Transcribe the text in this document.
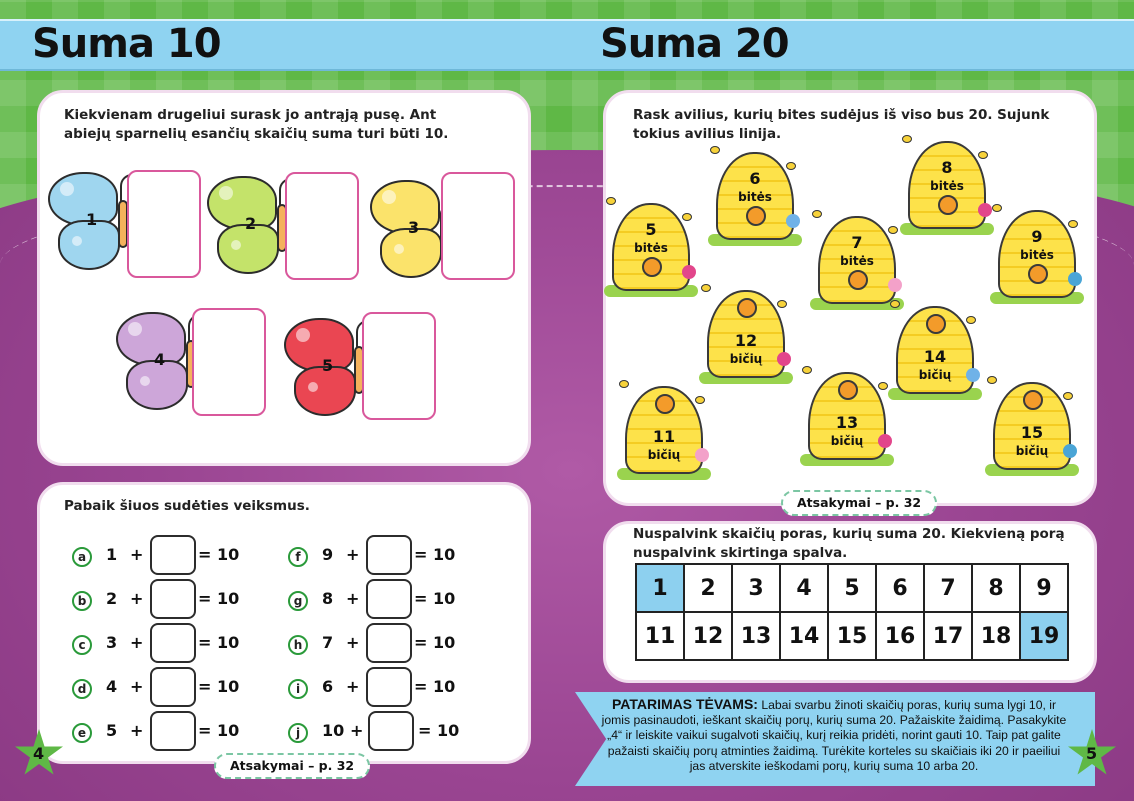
Suma 10	Suma 20
Kiekvienam drugeliui surask jo antrąją pusę. Ant abiejų sparnelių esančių skaičių suma turi būti 10.
1	2	3
4	5
Pabaik šiuos sudėties veiksmus.
a	1 +	= 10
b	2 +	= 10
c	3 +	= 10
d	4 +	= 10
e	5 +	= 10
f	9 +	= 10
g	8 +	= 10
h	7 +	= 10
i	6 +	= 10
j	10 +	= 10
Atsakymai – p. 32
Rask avilius, kurių bites sudėjus iš viso bus 20. Sujunk tokius avilius linija.
5
bitės
6
bitės
7
bitės
8
bitės
9
bitės
12
bičių	14
bičių
11
bičių
13
bičių	15
bičių
Atsakymai – p. 32
Nuspalvink skaičių poras, kurių suma 20. Kiekvieną porą nuspalvink skirtinga spalva.
1	2	3	4	5	6	7	8	9
11	12	13	14	15	16	17	18	19
PATARIMAS TĖVAMS: Labai svarbu žinoti skaičių poras, kurių suma lygi 10, ir jomis pasinaudoti, ieškant skaičių porų, kurių suma 20. Pažaiskite žaidimą. Pasakykite „4“ ir leiskite vaikui sugalvoti skaičių, kurį reikia pridėti, norint gauti 10. Taip pat galite pažaisti skaičių porų atminties žaidimą. Turėkite korteles su skaičiais iki 20 ir paeiliui jas atverskite ieškodami porų, kurių suma 10 arba 20.
4	5
